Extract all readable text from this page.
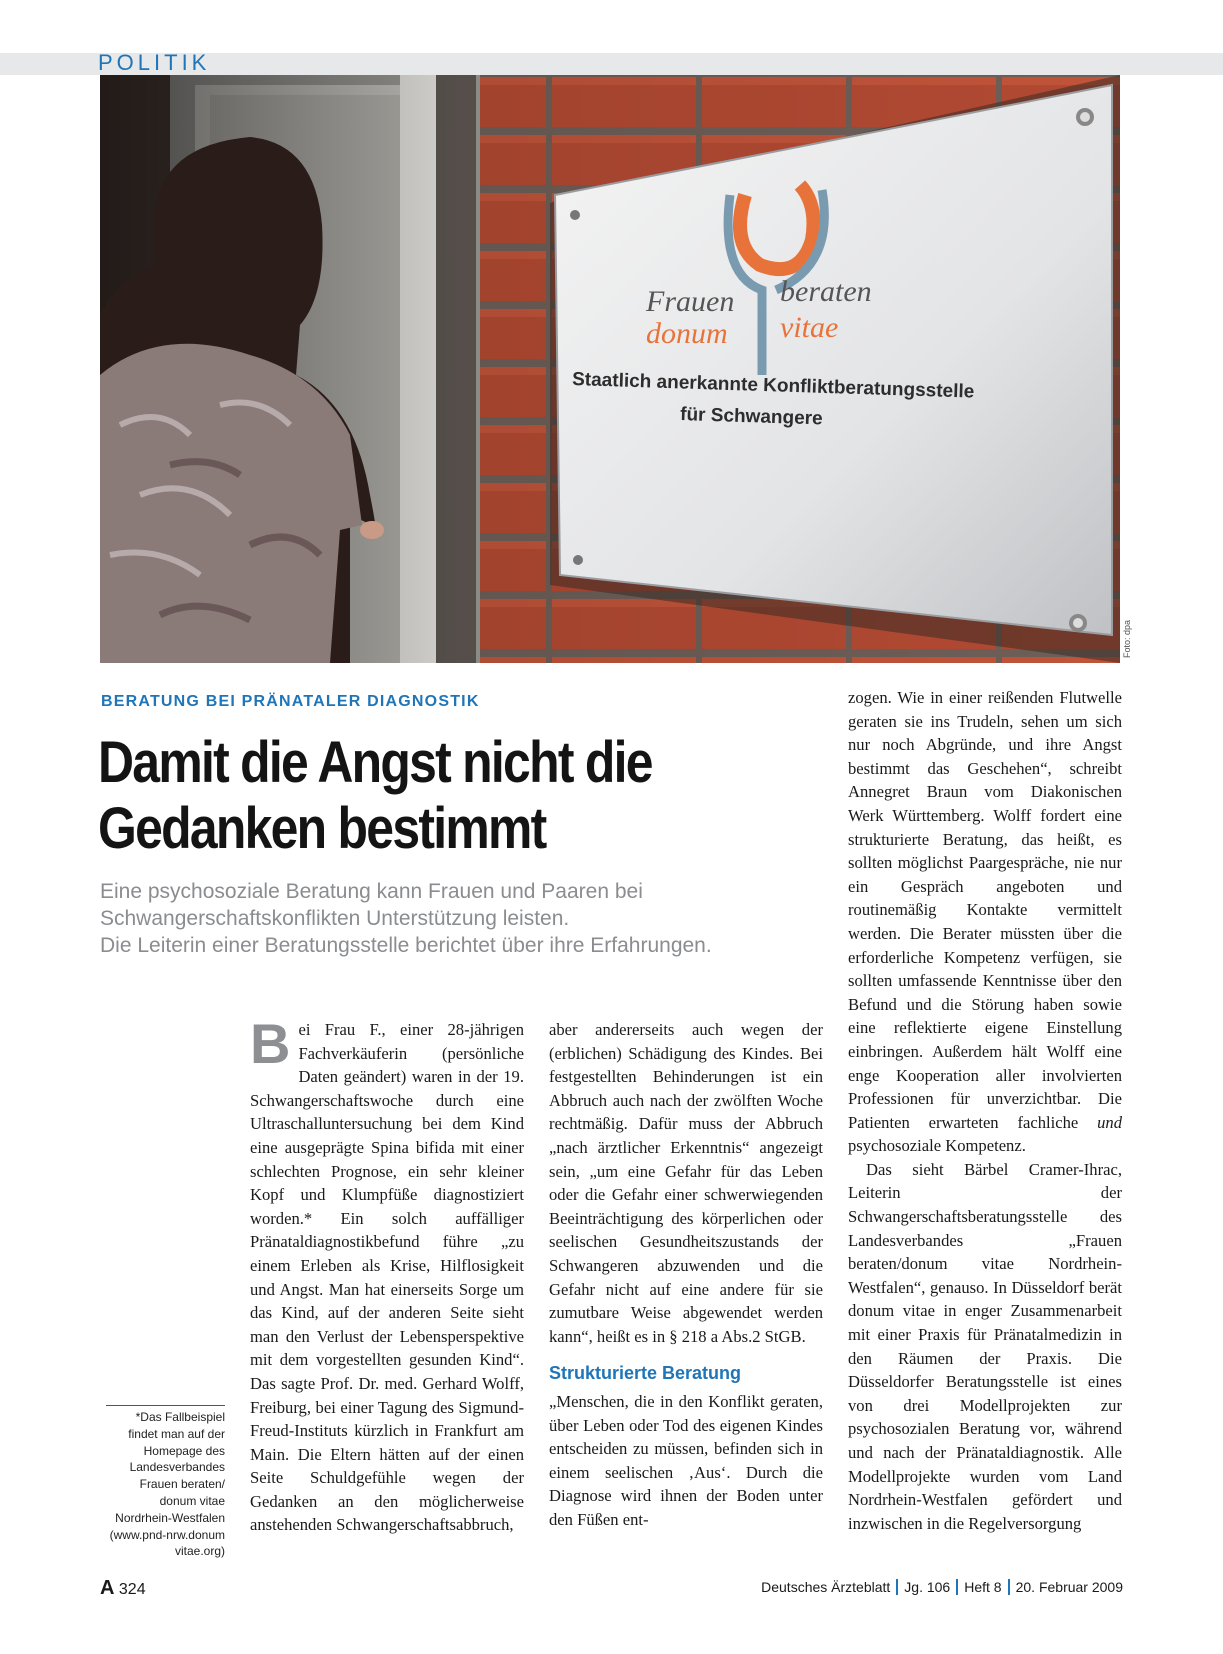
POLITIK
Frauen beraten
donum vitae
Staatlich anerkannte Konfliktberatungsstelle
für Schwangere
Foto: dpa
BERATUNG BEI PRÄNATALER DIAGNOSTIK
Damit die Angst nicht die
Gedanken bestimmt
Eine psychosoziale Beratung kann Frauen und Paaren bei
Schwangerschaftskonflikten Unterstützung leisten.
Die Leiterin einer Beratungsstelle berichtet über ihre Erfahrungen.
B ei Frau F., einer 28-jährigen Fachverkäuferin (persönliche Daten geändert) waren in der 19. Schwangerschaftswoche durch eine Ultraschalluntersuchung bei dem Kind eine ausgeprägte Spina bifida mit einer schlechten Prognose, ein sehr kleiner Kopf und Klumpfüße diagnostiziert worden.* Ein solch auffälliger Pränataldiagnostikbefund führe „zu einem Erleben als Krise, Hilflosigkeit und Angst. Man hat einerseits Sorge um das Kind, auf der anderen Seite sieht man den Verlust der Lebensperspektive mit dem vorgestellten gesunden Kind“. Das sagte Prof. Dr. med. Gerhard Wolff, Freiburg, bei einer Tagung des Sigmund-Freud-Instituts kürzlich in Frankfurt am Main. Die Eltern hätten auf der einen Seite Schuldgefühle wegen der Gedanken an den möglicherweise anstehenden Schwangerschaftsabbruch,

aber andererseits auch wegen der (erblichen) Schädigung des Kindes. Bei festgestellten Behinderungen ist ein Abbruch auch nach der zwölften Woche rechtmäßig. Dafür muss der Abbruch „nach ärztlicher Erkenntnis“ angezeigt sein, „um eine Gefahr für das Leben oder die Gefahr einer schwerwiegenden Beeinträchtigung des körperlichen oder seelischen Gesundheitszustands der Schwangeren abzuwenden und die Gefahr nicht auf eine andere für sie zumutbare Weise abgewendet werden kann“, heißt es in § 218 a Abs.2 StGB.

Strukturierte Beratung

„Menschen, die in den Konflikt geraten, über Leben oder Tod des eigenen Kindes entscheiden zu müssen, befinden sich in einem seelischen ‚Aus‘. Durch die Diagnose wird ihnen der Boden unter den Füßen ent-

zogen. Wie in einer reißenden Flutwelle geraten sie ins Trudeln, sehen um sich nur noch Abgründe, und ihre Angst bestimmt das Geschehen“, schreibt Annegret Braun vom Diakonischen Werk Württemberg. Wolff fordert eine strukturierte Beratung, das heißt, es sollten möglichst Paargespräche, nie nur ein Gespräch angeboten und routinemäßig Kontakte vermittelt werden. Die Berater müssten über die erforderliche Kompetenz verfügen, sie sollten umfassende Kenntnisse über den Befund und die Störung haben sowie eine reflektierte eigene Einstellung einbringen. Außerdem hält Wolff eine enge Kooperation aller involvierten Professionen für unverzichtbar. Die Patienten erwarteten fachliche und psychosoziale Kompetenz.

Das sieht Bärbel Cramer-Ihrac, Leiterin der Schwangerschaftsberatungsstelle des Landesverbandes „Frauen beraten/donum vitae Nordrhein-Westfalen“, genauso. In Düsseldorf berät donum vitae in enger Zusammenarbeit mit einer Praxis für Pränatalmedizin in den Räumen der Praxis. Die Düsseldorfer Beratungsstelle ist eines von drei Modellprojekten zur psychosozialen Beratung vor, während und nach der Pränataldiagnostik. Alle Modellprojekte wurden vom Land Nordrhein-Westfalen gefördert und inzwischen in die Regelversorgung

*Das Fallbeispiel findet man auf der Homepage des Landesverbandes Frauen beraten/ donum vitae Nordrhein-Westfalen (www.pnd-nrw.donum vitae.org)
A 324	Deutsches Ärzteblatt Jg. 106 Heft 8 20. Februar 2009
